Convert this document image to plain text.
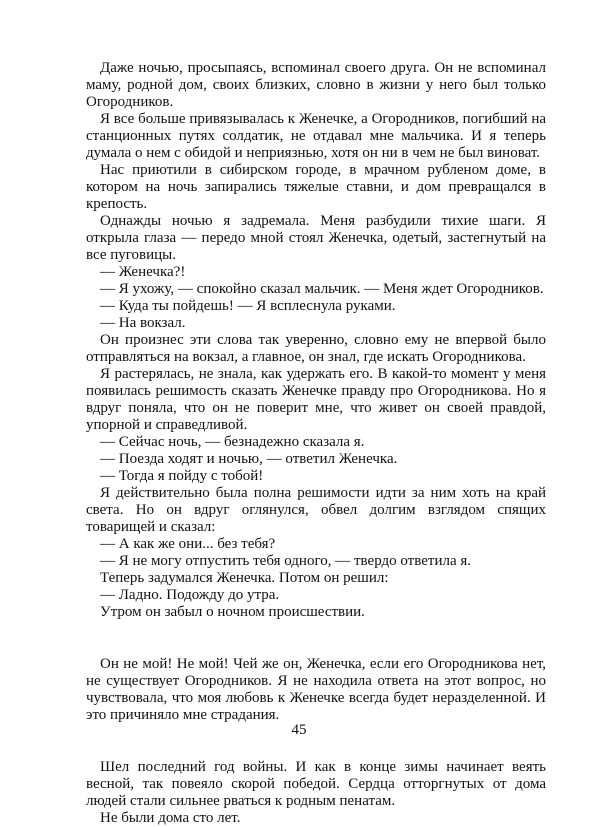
Даже ночью, просыпаясь, вспоминал своего друга. Он не вспоминал маму, родной дом, своих близких, словно в жизни у него был только Огородников.

Я все больше привязывалась к Женечке, а Огородников, погибший на станционных путях солдатик, не отдавал мне мальчика. И я теперь думала о нем с обидой и неприязнью, хотя он ни в чем не был виноват.

Нас приютили в сибирском городе, в мрачном рубленом доме, в котором на ночь запирались тяжелые ставни, и дом превращался в крепость.

Однажды ночью я задремала. Меня разбудили тихие шаги. Я открыла глаза — передо мной стоял Женечка, одетый, застегнутый на все пуговицы.

— Женечка?!

— Я ухожу, — спокойно сказал мальчик. — Меня ждет Огородников.

— Куда ты пойдешь! — Я всплеснула руками.

— На вокзал.

Он произнес эти слова так уверенно, словно ему не впервой было отправляться на вокзал, а главное, он знал, где искать Огородникова.

Я растерялась, не знала, как удержать его. В какой-то момент у меня появилась решимость сказать Женечке правду про Огородникова. Но я вдруг поняла, что он не поверит мне, что живет он своей правдой, упорной и справедливой.

— Сейчас ночь, — безнадежно сказала я.

— Поезда ходят и ночью, — ответил Женечка.

— Тогда я пойду с тобой!

Я действительно была полна решимости идти за ним хоть на край света. Но он вдруг оглянулся, обвел долгим взглядом спящих товарищей и сказал:

— А как же они... без тебя?

— Я не могу отпустить тебя одного, — твердо ответила я.

Теперь задумался Женечка. Потом он решил:

— Ладно. Подожду до утра.

Утром он забыл о ночном происшествии.

Он не мой! Не мой! Чей же он, Женечка, если его Огородникова нет, не существует Огородников. Я не находила ответа на этот вопрос, но чувствовала, что моя любовь к Женечке всегда будет неразделенной. И это причиняло мне страдания.

Шел последний год войны. И как в конце зимы начинает веять весной, так повеяло скорой победой. Сердца отторгнутых от дома людей стали сильнее рваться к родным пенатам.

Не были дома сто лет.

45
